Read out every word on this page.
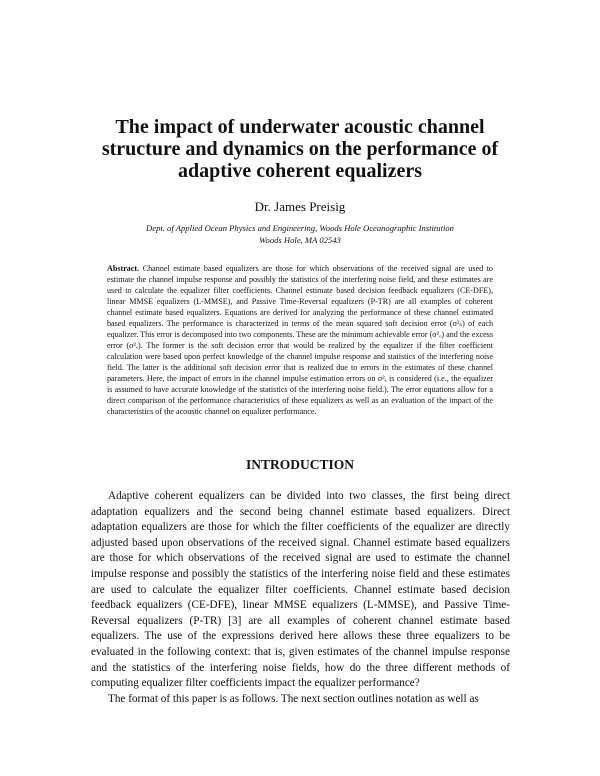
The impact of underwater acoustic channel structure and dynamics on the performance of adaptive coherent equalizers
Dr. James Preisig
Dept. of Applied Ocean Physics and Engineering, Woods Hole Oceanographic Institution
Woods Hole, MA 02543
Abstract. Channel estimate based equalizers are those for which observations of the received signal are used to estimate the channel impulse response and possibly the statistics of the interfering noise field, and these estimates are used to calculate the equalizer filter coefficients. Channel estimate based decision feedback equalizers (CE-DFE), linear MMSE equalizers (L-MMSE), and Passive Time-Reversal equalizers (P-TR) are all examples of coherent channel estimate based equalizers. Equations are derived for analyzing the performance of these channel estimated based equalizers. The performance is characterized in terms of the mean squared soft decision error (σ²ₛ) of each equalizer. This error is decomposed into two components. These are the minimum achievable error (σ²ₒ) and the excess error (σ²ₑ). The former is the soft decision error that would be realized by the equalizer if the filter coefficient calculation were based upon perfect knowledge of the channel impulse response and statistics of the interfering noise field. The latter is the additional soft decision error that is realized due to errors in the estimates of these channel parameters. Here, the impact of errors in the channel impulse estimation errors on σ²ₑ is considered (i.e., the equalizer is assumed to have accurate knowledge of the statistics of the interfering noise field.). The error equations allow for a direct comparison of the performance characteristics of these equalizers as well as an evaluation of the impact of the characteristics of the acoustic channel on equalizer performance.
INTRODUCTION

Adaptive coherent equalizers can be divided into two classes, the first being direct adaptation equalizers and the second being channel estimate based equalizers. Direct adaptation equalizers are those for which the filter coefficients of the equalizer are directly adjusted based upon observations of the received signal. Channel estimate based equalizers are those for which observations of the received signal are used to estimate the channel impulse response and possibly the statistics of the interfering noise field and these estimates are used to calculate the equalizer filter coefficients. Channel estimate based decision feedback equalizers (CE-DFE), linear MMSE equalizers (L-MMSE), and Passive Time-Reversal equalizers (P-TR) [3] are all examples of coherent channel estimate based equalizers. The use of the expressions derived here allows these three equalizers to be evaluated in the following context: that is, given estimates of the channel impulse response and the statistics of the interfering noise fields, how do the three different methods of computing equalizer filter coefficients impact the equalizer performance?

The format of this paper is as follows. The next section outlines notation as well as
